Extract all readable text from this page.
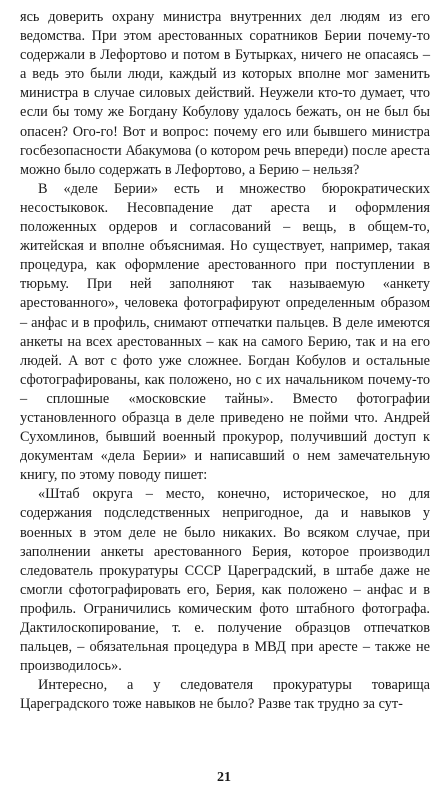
ясь доверить охрану министра внутренних дел людям из его ведомства. При этом арестованных соратников Берии почему-то содержали в Лефортово и потом в Бутырках, ничего не опасаясь – а ведь это были люди, каждый из которых вполне мог заменить министра в случае силовых действий. Неужели кто-то думает, что если бы тому же Богдану Кобулову удалось бежать, он не был бы опасен? Ого-го! Вот и вопрос: почему его или бывшего министра госбезопасности Абакумова (о котором речь впереди) после ареста можно было содержать в Лефортово, а Берию – нельзя?

В «деле Берии» есть и множество бюрократических несостыковок. Несовпадение дат ареста и оформления положенных ордеров и согласований – вещь, в общем-то, житейская и вполне объяснимая. Но существует, например, такая процедура, как оформление арестованного при поступлении в тюрьму. При ней заполняют так называемую «анкету арестованного», человека фотографируют определенным образом – анфас и в профиль, снимают отпечатки пальцев. В деле имеются анкеты на всех арестованных – как на самого Берию, так и на его людей. А вот с фото уже сложнее. Богдан Кобулов и остальные сфотографированы, как положено, но с их начальником почему-то – сплошные «московские тайны». Вместо фотографии установленного образца в деле приведено не пойми что. Андрей Сухомлинов, бывший военный прокурор, получивший доступ к документам «дела Берии» и написавший о нем замечательную книгу, по этому поводу пишет:

«Штаб округа – место, конечно, историческое, но для содержания подследственных непригодное, да и навыков у военных в этом деле не было никаких. Во всяком случае, при заполнении анкеты арестованного Берия, которое производил следователь прокуратуры СССР Цареградский, в штабе даже не смогли сфотографировать его, Берия, как положено – анфас и в профиль. Ограничились комическим фото штабного фотографа. Дактилоскопирование, т. е. получение образцов отпечатков пальцев, – обязательная процедура в МВД при аресте – также не производилось».

Интересно, а у следователя прокуратуры товарища Цареградского тоже навыков не было? Разве так трудно за сут-

21
